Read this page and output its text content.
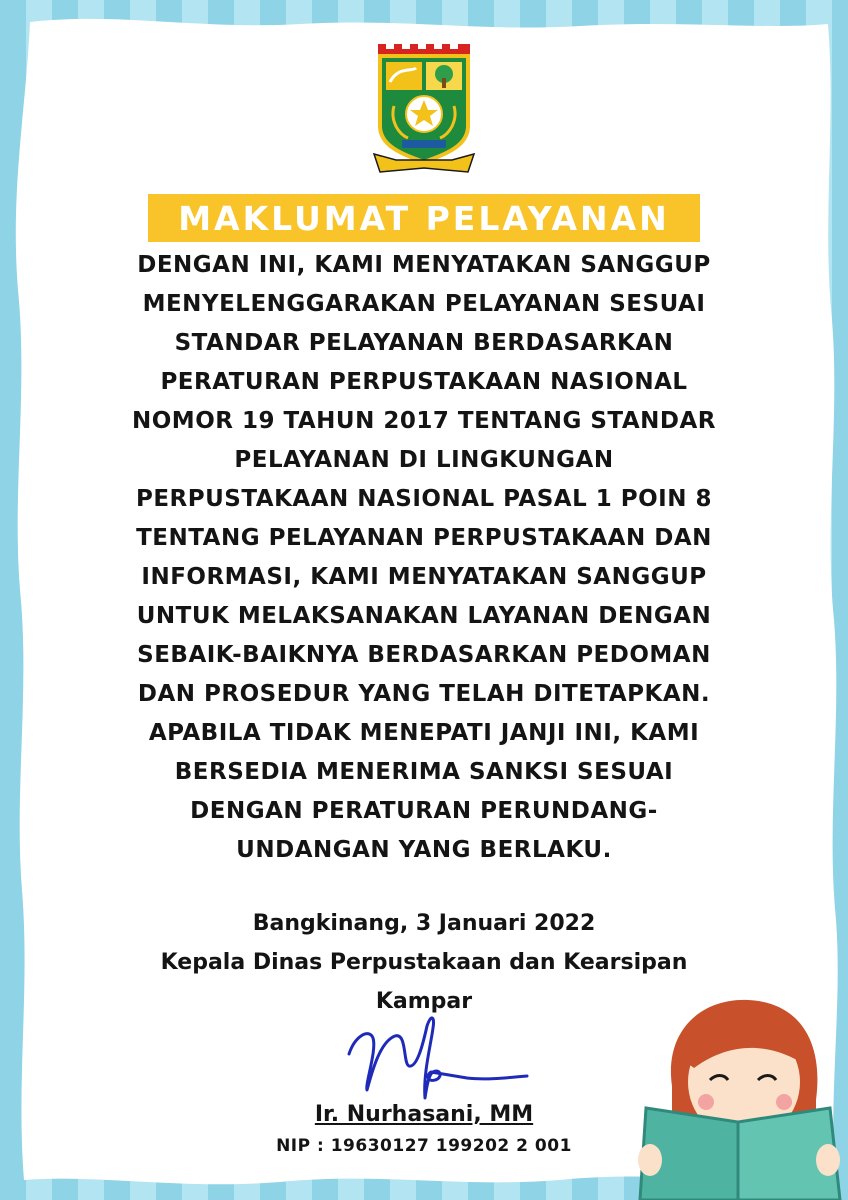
MAKLUMAT PELAYANAN
DENGAN INI, KAMI MENYATAKAN SANGGUP
MENYELENGGARAKAN PELAYANAN SESUAI
STANDAR PELAYANAN BERDASARKAN
PERATURAN PERPUSTAKAAN NASIONAL
NOMOR 19 TAHUN 2017 TENTANG STANDAR
PELAYANAN DI LINGKUNGAN
PERPUSTAKAAN NASIONAL PASAL 1 POIN 8
TENTANG PELAYANAN PERPUSTAKAAN DAN
INFORMASI, KAMI MENYATAKAN SANGGUP
UNTUK MELAKSANAKAN LAYANAN DENGAN
SEBAIK-BAIKNYA BERDASARKAN PEDOMAN
DAN PROSEDUR YANG TELAH DITETAPKAN.
APABILA TIDAK MENEPATI JANJI INI, KAMI
BERSEDIA MENERIMA SANKSI SESUAI
DENGAN PERATURAN PERUNDANG-
UNDANGAN YANG BERLAKU.
Bangkinang, 3 Januari 2022
Kepala Dinas Perpustakaan dan Kearsipan
Kampar
Ir. Nurhasani, MM
NIP : 19630127 199202 2 001
